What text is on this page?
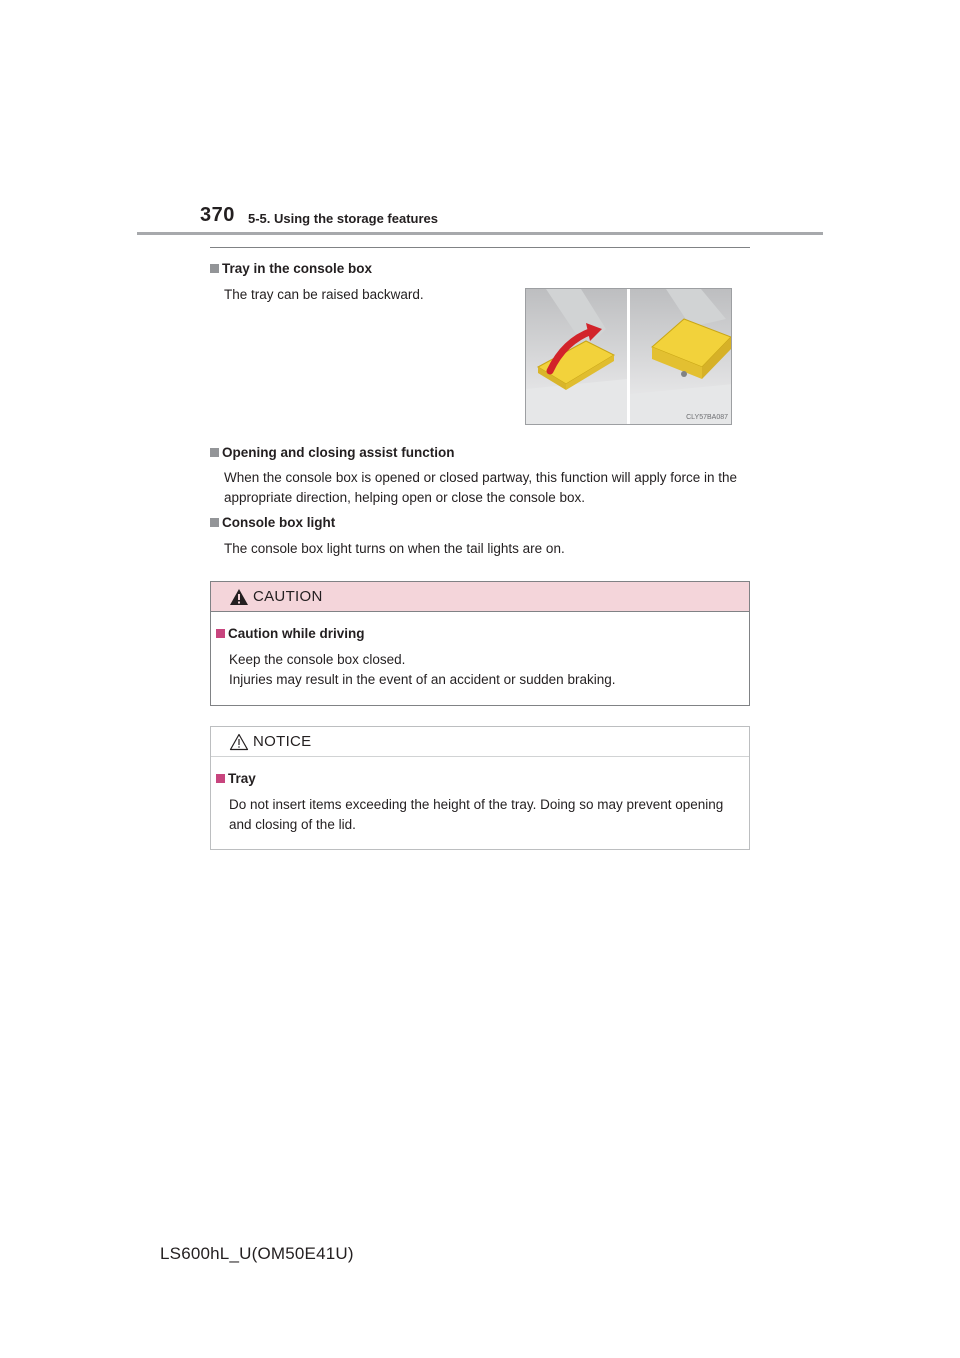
370 5-5. Using the storage features
Tray in the console box
The tray can be raised backward.
CLY57BA087
Opening and closing assist function
When the console box is opened or closed partway, this function will apply force in the appropriate direction, helping open or close the console box.
Console box light
The console box light turns on when the tail lights are on.
CAUTION
Caution while driving
Keep the console box closed.
Injuries may result in the event of an accident or sudden braking.
NOTICE
Tray
Do not insert items exceeding the height of the tray. Doing so may prevent opening and closing of the lid.
LS600hL_U(OM50E41U)
